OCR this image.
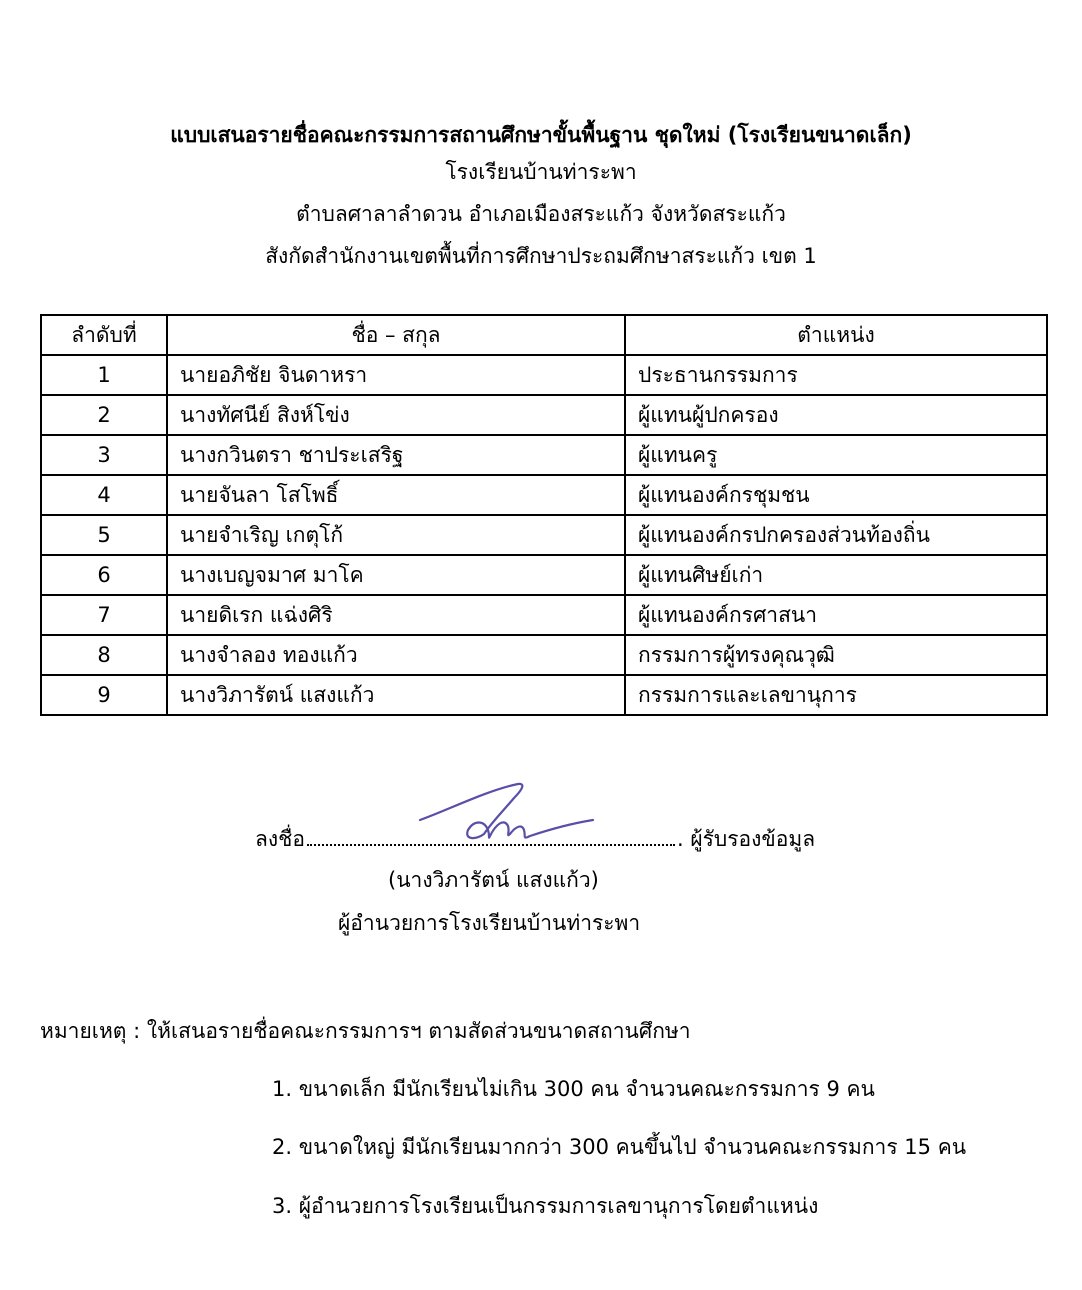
แบบเสนอรายชื่อคณะกรรมการสถานศึกษาขั้นพื้นฐาน ชุดใหม่ (โรงเรียนขนาดเล็ก)
โรงเรียนบ้านท่าระพา
ตำบลศาลาลำดวน อำเภอเมืองสระแก้ว จังหวัดสระแก้ว
สังกัดสำนักงานเขตพื้นที่การศึกษาประถมศึกษาสระแก้ว เขต 1
ลำดับที่	ชื่อ – สกุล	ตำแหน่ง
1	นายอภิชัย จินดาหรา	ประธานกรรมการ
2	นางทัศนีย์ สิงห์โข่ง	ผู้แทนผู้ปกครอง
3	นางกวินตรา ชาประเสริฐ	ผู้แทนครู
4	นายจันลา โสโพธิ์	ผู้แทนองค์กรชุมชน
5	นายจำเริญ เกตุโก้	ผู้แทนองค์กรปกครองส่วนท้องถิ่น
6	นางเบญจมาศ มาโค	ผู้แทนศิษย์เก่า
7	นายดิเรก แฉ่งศิริ	ผู้แทนองค์กรศาสนา
8	นางจำลอง ทองแก้ว	กรรมการผู้ทรงคุณวุฒิ
9	นางวิภารัตน์ แสงแก้ว	กรรมการและเลขานุการ
ลงชื่อ	. ผู้รับรองข้อมูล
(นางวิภารัตน์ แสงแก้ว)
ผู้อำนวยการโรงเรียนบ้านท่าระพา
หมายเหตุ : ให้เสนอรายชื่อคณะกรรมการฯ ตามสัดส่วนขนาดสถานศึกษา
1. ขนาดเล็ก มีนักเรียนไม่เกิน 300 คน จำนวนคณะกรรมการ 9 คน
2. ขนาดใหญ่ มีนักเรียนมากกว่า 300 คนขึ้นไป จำนวนคณะกรรมการ 15 คน
3. ผู้อำนวยการโรงเรียนเป็นกรรมการเลขานุการโดยตำแหน่ง
